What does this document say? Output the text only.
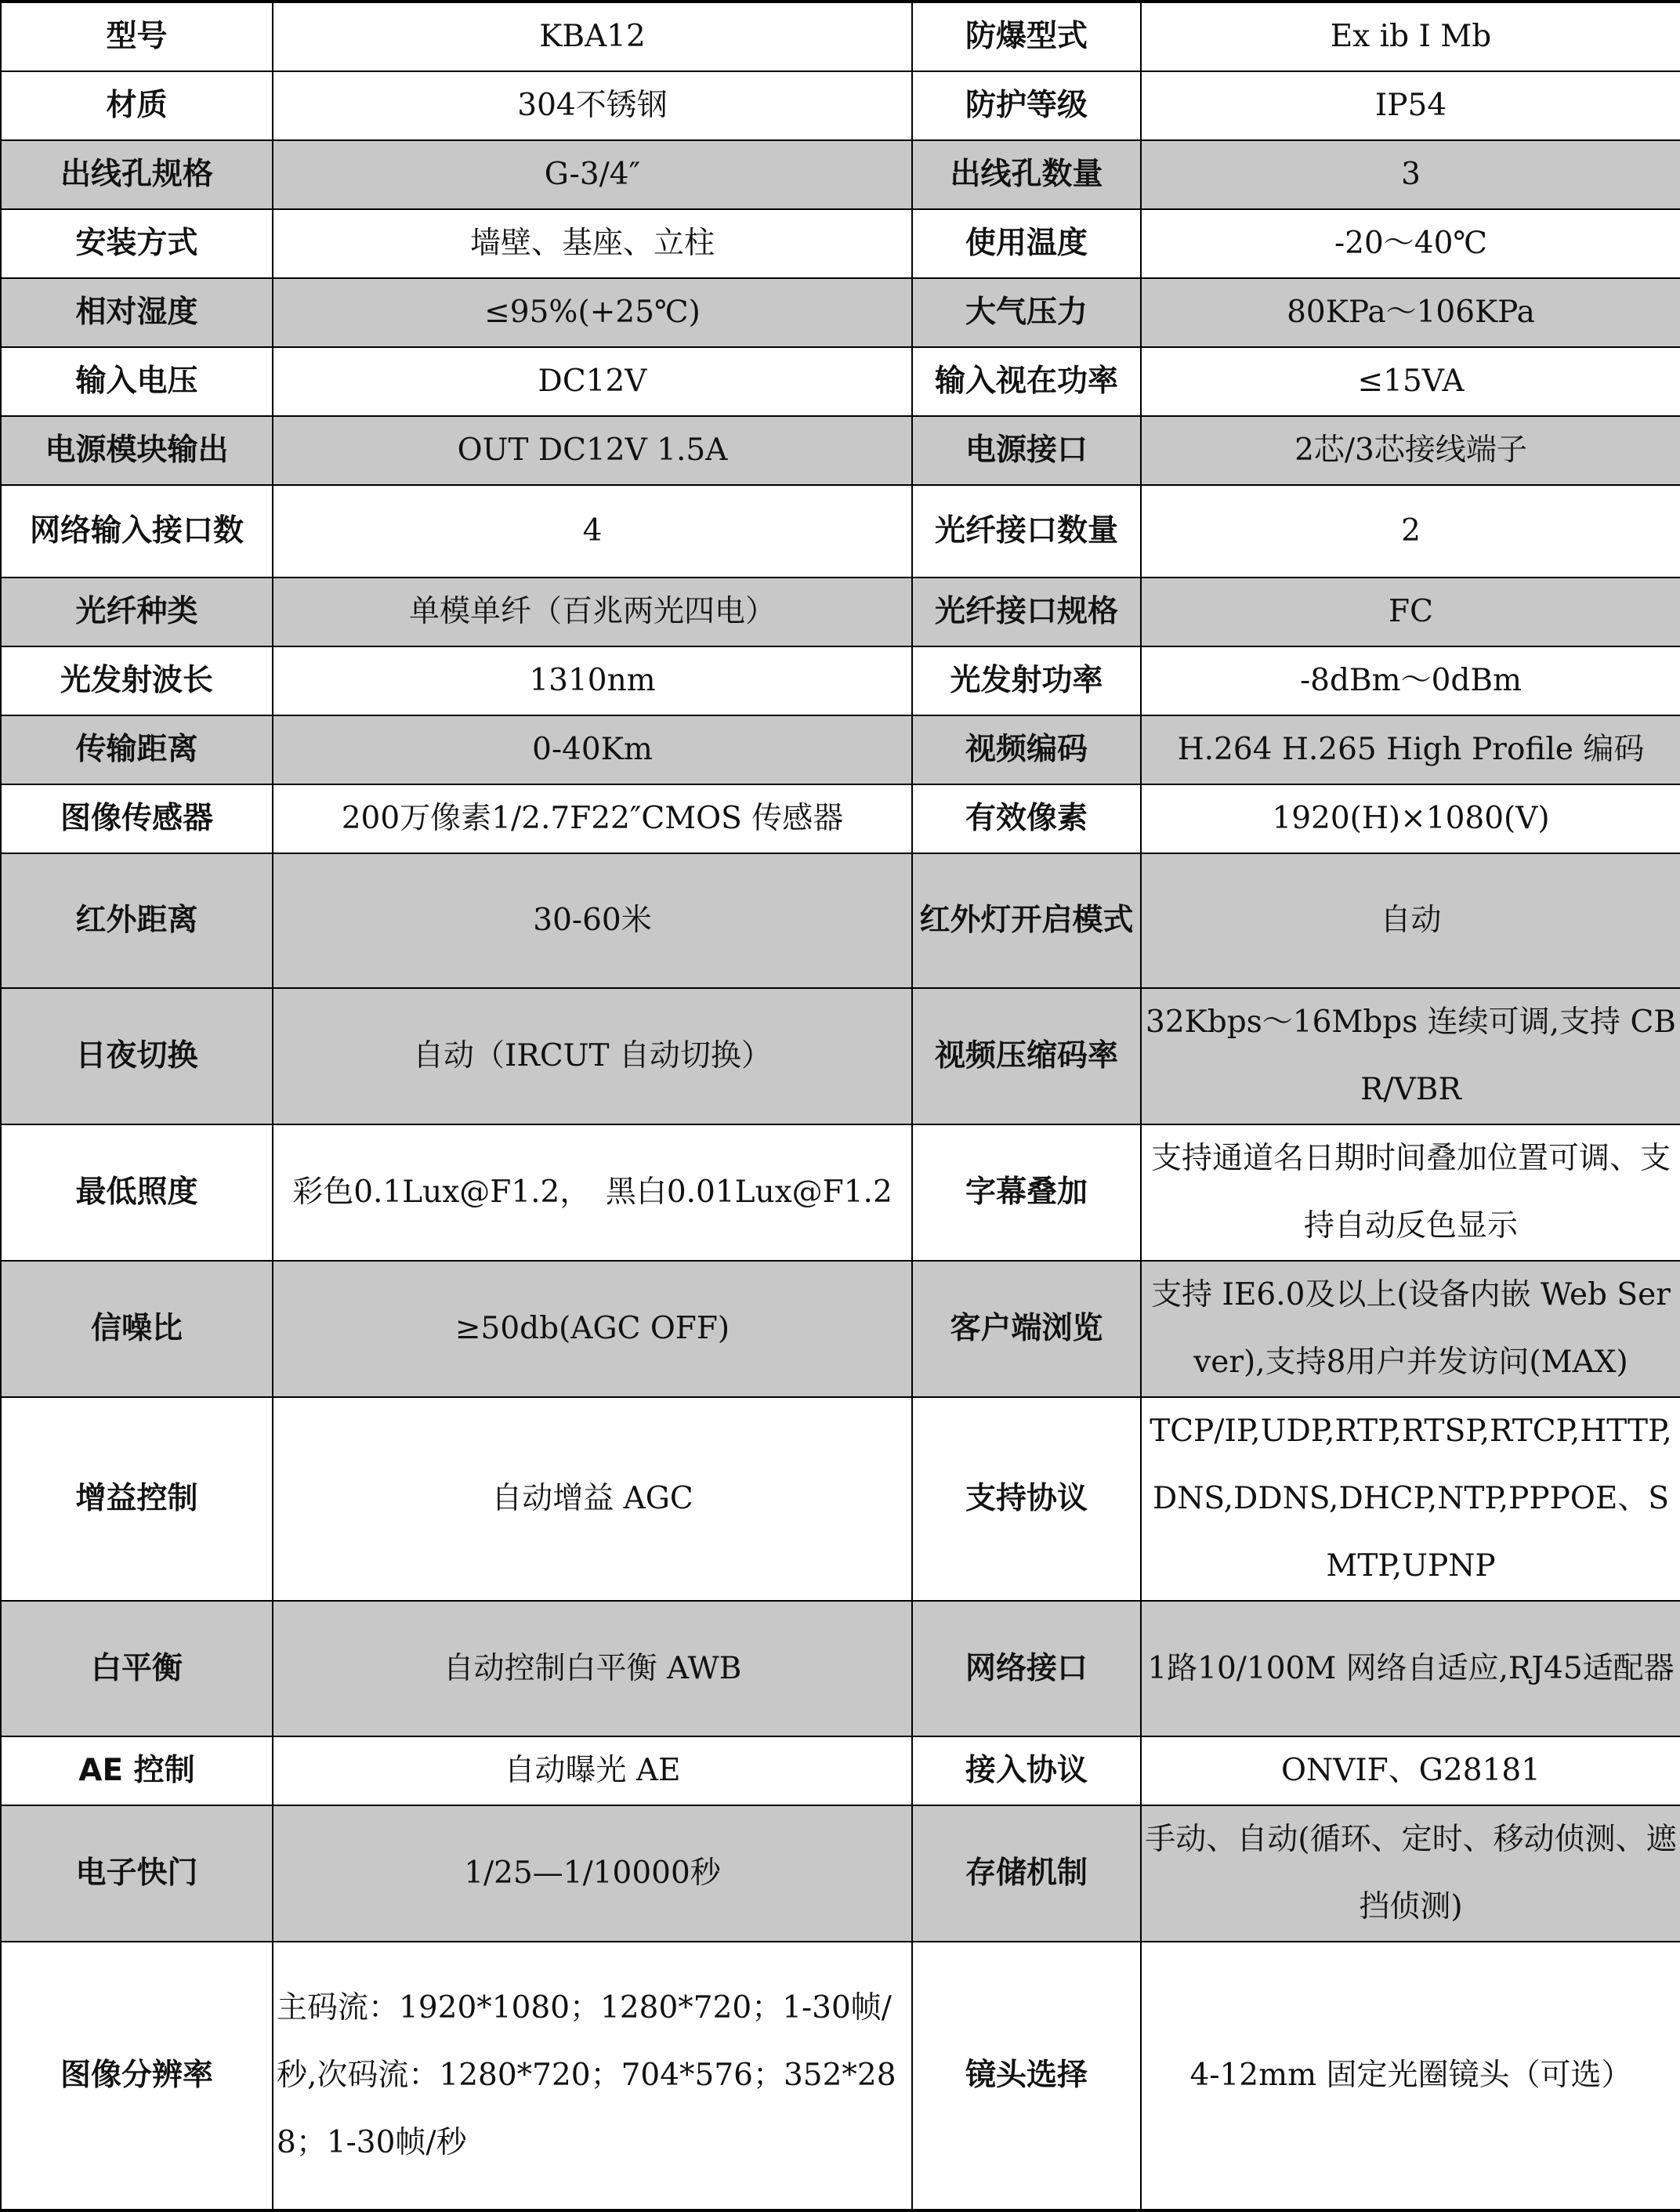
型号	KBA12	防爆型式	Ex ib I Mb
材质	304不锈钢	防护等级	IP54
出线孔规格	G-3/4″	出线孔数量	3
安装方式	墙壁、基座、立柱	使用温度	-20～40℃
相对湿度	≤95%(+25℃)	大气压力	80KPa～106KPa
输入电压	DC12V	输入视在功率	≤15VA
电源模块输出	OUT DC12V 1.5A	电源接口	2芯/3芯接线端子
网络输入接口数	4	光纤接口数量	2
光纤种类	单模单纤（百兆两光四电）	光纤接口规格	FC
光发射波长	1310nm	光发射功率	-8dBm～0dBm
传输距离	0-40Km	视频编码	H.264 H.265 High Profile 编码
图像传感器	200万像素1/2.7F22″CMOS 传感器	有效像素	1920(H)×1080(V)
红外距离	30-60米	红外灯开启模式	自动
日夜切换	自动（IRCUT 自动切换）	视频压缩码率	32Kbps～16Mbps 连续可调,支持 CBR/VBR
最低照度	彩色0.1Lux@F1.2，　黑白0.01Lux@F1.2	字幕叠加	支持通道名日期时间叠加位置可调、支持自动反色显示
信噪比	≥50db(AGC OFF)	客户端浏览	支持 IE6.0及以上(设备内嵌 Web Server),支持8用户并发访问(MAX)
增益控制	自动增益 AGC	支持协议	TCP/IP,UDP,RTP,RTSP,RTCP,HTTP,DNS,DDNS,DHCP,NTP,PPPOE、SMTP,UPNP
白平衡	自动控制白平衡 AWB	网络接口	1路10/100M 网络自适应,RJ45适配器
AE 控制	自动曝光 AE	接入协议	ONVIF、G28181
电子快门	1/25—1/10000秒	存储机制	手动、自动(循环、定时、移动侦测、遮挡侦测)
图像分辨率	主码流：1920*1080；1280*720；1-30帧/秒,次码流：1280*720；704*576；352*288；1-30帧/秒	镜头选择	4-12mm 固定光圈镜头（可选）
